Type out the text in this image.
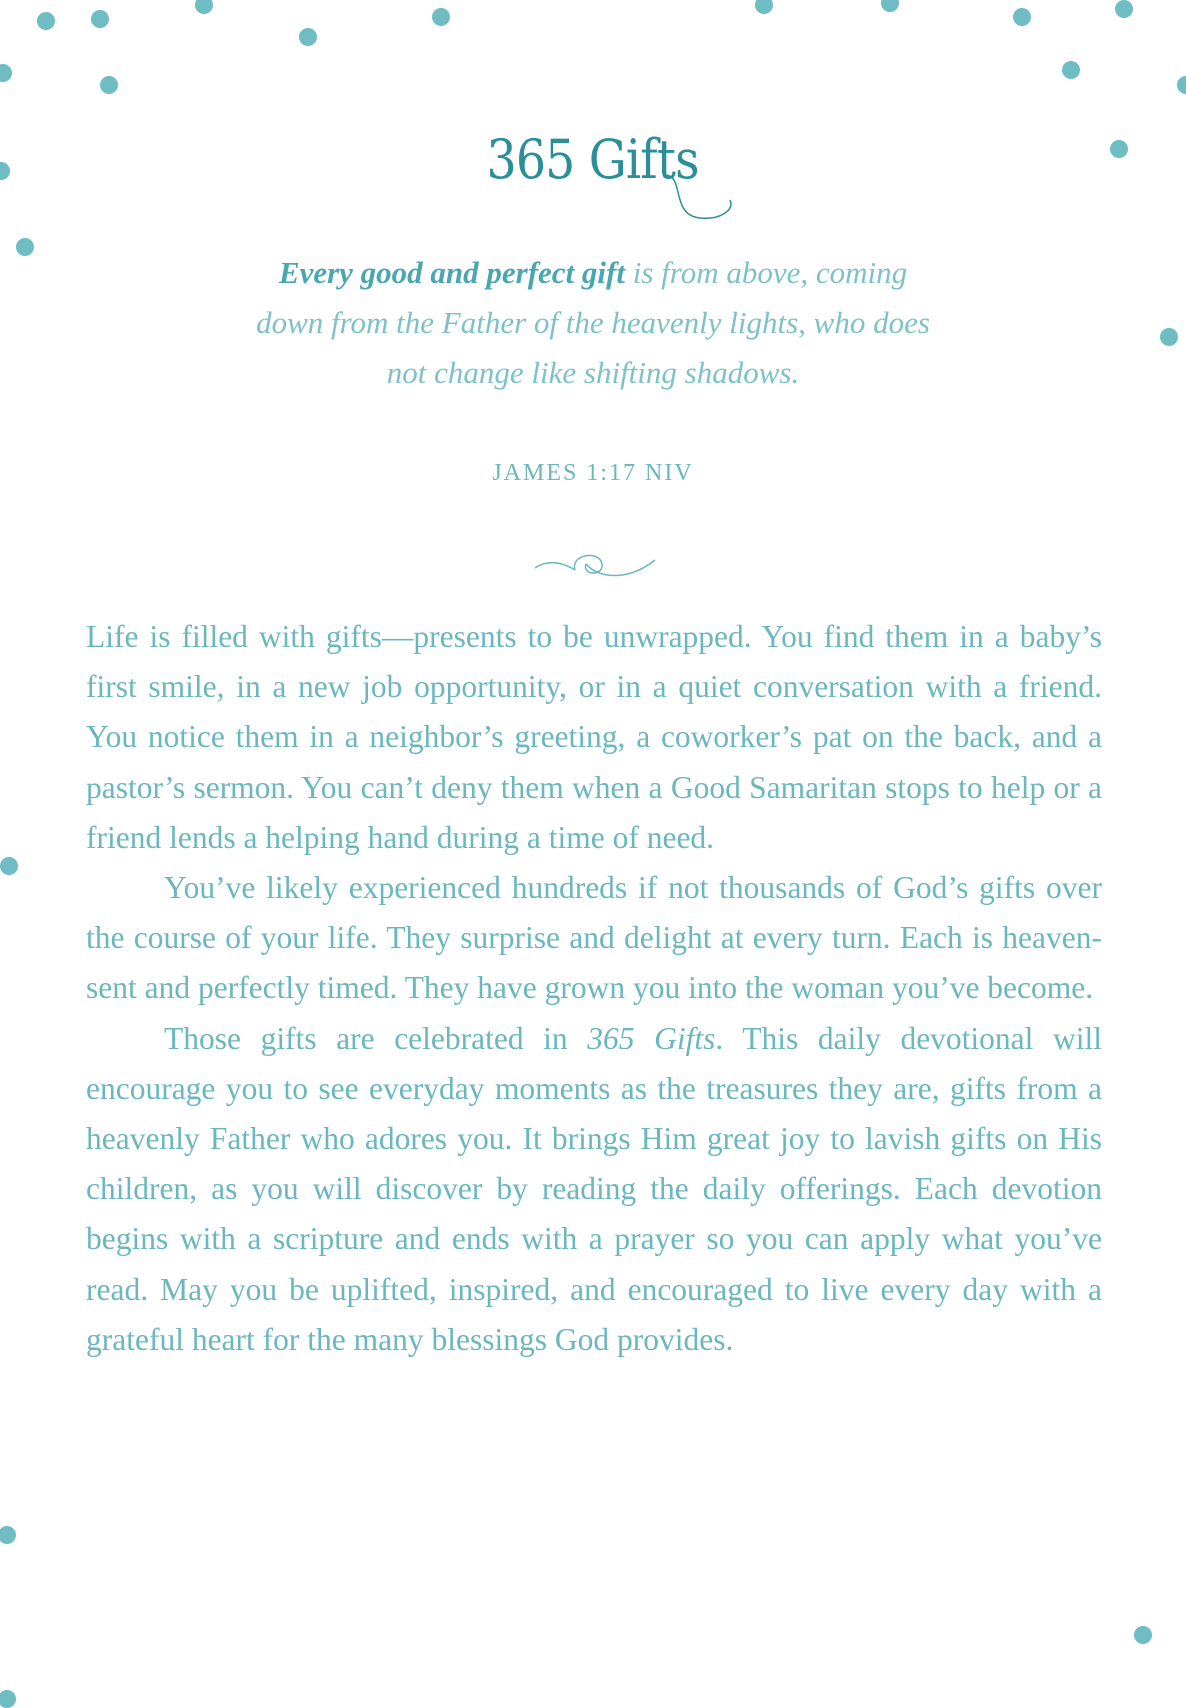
365 Gifts
Every good and perfect gift is from above, coming down from the Father of the heavenly lights, who does not change like shifting shadows.
JAMES 1:17 NIV

Life is filled with gifts—presents to be unwrapped. You find them in a baby’s first smile, in a new job opportunity, or in a quiet conversation with a friend. You notice them in a neighbor’s greeting, a coworker’s pat on the back, and a pastor’s sermon. You can’t deny them when a Good Samaritan stops to help or a friend lends a helping hand during a time of need.

You’ve likely experienced hundreds if not thousands of God’s gifts over the course of your life. They surprise and delight at every turn. Each is heaven-sent and perfectly timed. They have grown you into the woman you’ve become.

Those gifts are celebrated in 365 Gifts. This daily devotional will encourage you to see everyday moments as the treasures they are, gifts from a heavenly Father who adores you. It brings Him great joy to lavish gifts on His children, as you will discover by reading the daily offerings. Each devotion begins with a scripture and ends with a prayer so you can apply what you’ve read. May you be uplifted, inspired, and encouraged to live every day with a grateful heart for the many blessings God provides.
